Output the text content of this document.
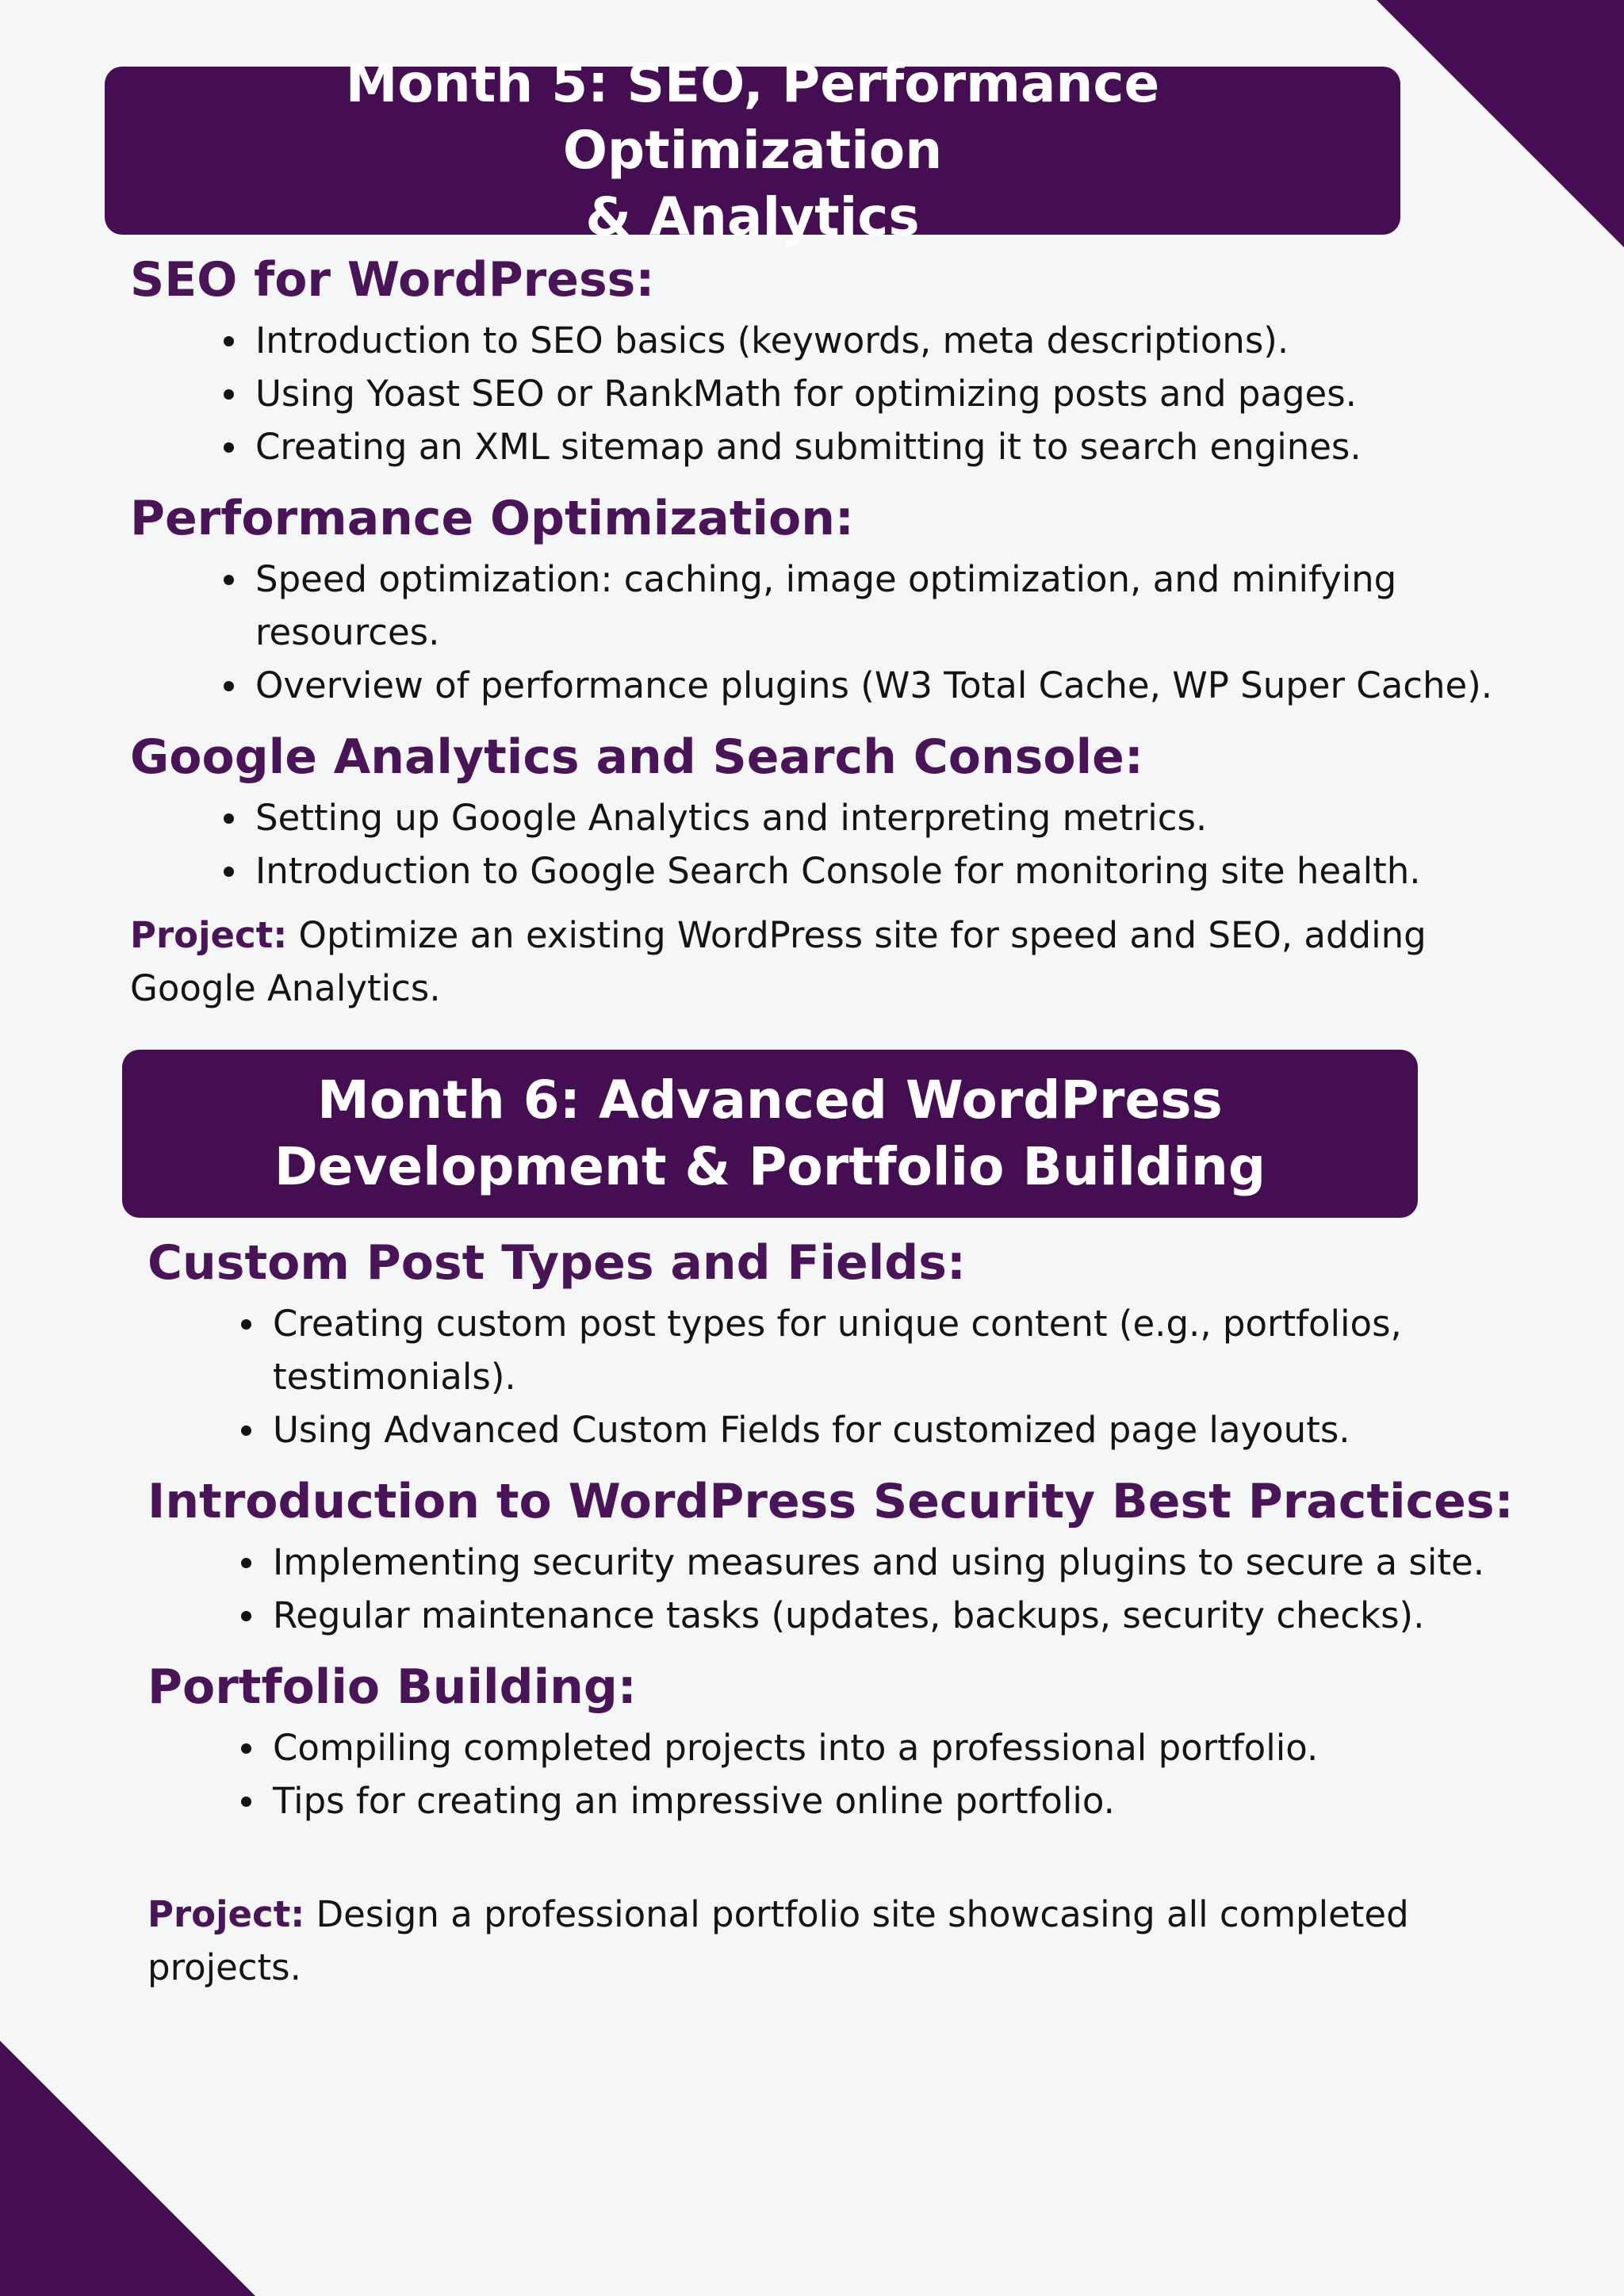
Month 5: SEO, Performance Optimization
& Analytics
SEO for WordPress:
Introduction to SEO basics (keywords, meta descriptions).
Using Yoast SEO or RankMath for optimizing posts and pages.
Creating an XML sitemap and submitting it to search engines.
Performance Optimization:
Speed optimization: caching, image optimization, and minifying resources.
Overview of performance plugins (W3 Total Cache, WP Super Cache).
Google Analytics and Search Console:
Setting up Google Analytics and interpreting metrics.
Introduction to Google Search Console for monitoring site health.
Project: Optimize an existing WordPress site for speed and SEO, adding Google Analytics.
Month 6: Advanced WordPress
Development & Portfolio Building
Custom Post Types and Fields:
Creating custom post types for unique content (e.g., portfolios, testimonials).
Using Advanced Custom Fields for customized page layouts.
Introduction to WordPress Security Best Practices:
Implementing security measures and using plugins to secure a site.
Regular maintenance tasks (updates, backups, security checks).
Portfolio Building:
Compiling completed projects into a professional portfolio.
Tips for creating an impressive online portfolio.
Project: Design a professional portfolio site showcasing all completed projects.
